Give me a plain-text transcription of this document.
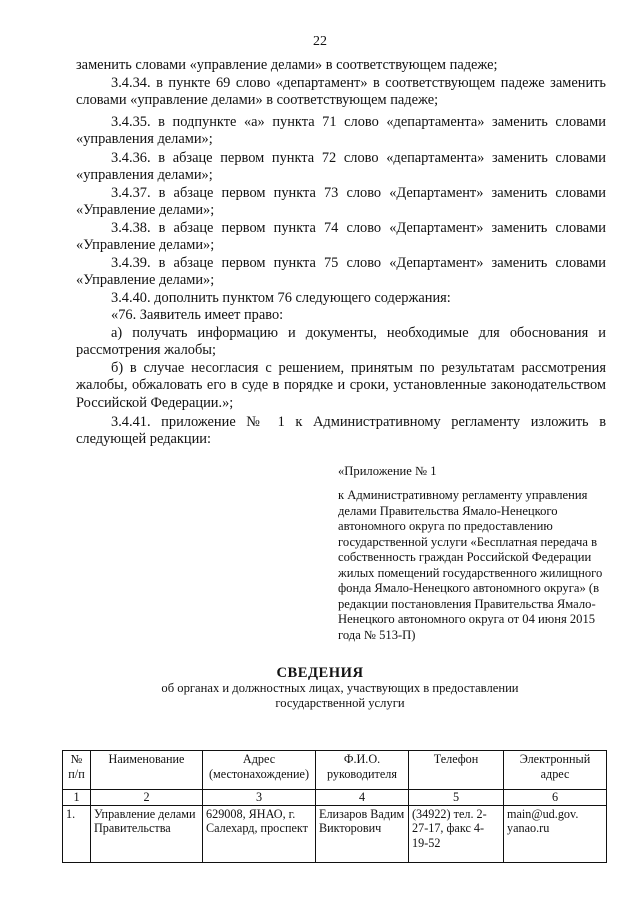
22

заменить словами «управление делами» в соответствующем падеже;

3.4.34. в пункте 69 слово «департамент» в соответствующем падеже заменить словами «управление делами» в соответствующем падеже;

3.4.35. в подпункте «а» пункта 71 слово «департамента» заменить словами «управления делами»;

3.4.36. в абзаце первом пункта 72 слово «департамента» заменить словами «управления делами»;

3.4.37. в абзаце первом пункта 73 слово «Департамент» заменить словами «Управление делами»;

3.4.38. в абзаце первом пункта 74 слово «Департамент» заменить словами «Управление делами»;

3.4.39. в абзаце первом пункта 75 слово «Департамент» заменить словами «Управление делами»;

3.4.40. дополнить пунктом 76 следующего содержания:

«76. Заявитель имеет право:

а) получать информацию и документы, необходимые для обоснования и рассмотрения жалобы;

б) в случае несогласия с решением, принятым по результатам рассмотрения жалобы, обжаловать его в суде в порядке и сроки, установленные законодательством Российской Федерации.»;

3.4.41. приложение № 1 к Административному регламенту изложить в следующей редакции:

«Приложение № 1

к Административному регламенту управления делами Правительства Ямало-Ненецкого автономного округа по предоставлению государственной услуги «Бесплатная передача в собственность граждан Российской Федерации жилых помещений государственного жилищного фонда Ямало-Ненецкого автономного округа» (в редакции постановления Правительства Ямало-Ненецкого автономного округа от 04 июня 2015 года № 513-П)

СВЕДЕНИЯ
об органах и должностных лицах, участвующих в предоставлении государственной услуги
№ п/п	Наименование	Адрес (местонахождение)	Ф.И.О. руководителя	Телефон	Электронный адрес
1	2	3	4	5	6
1.	Управление делами Правительства	629008, ЯНАО, г. Салехард, проспект	Елизаров Вадим Викторович	(34922) тел. 2-27-17, факс 4-19-52	main@ud.gov. yanao.ru
